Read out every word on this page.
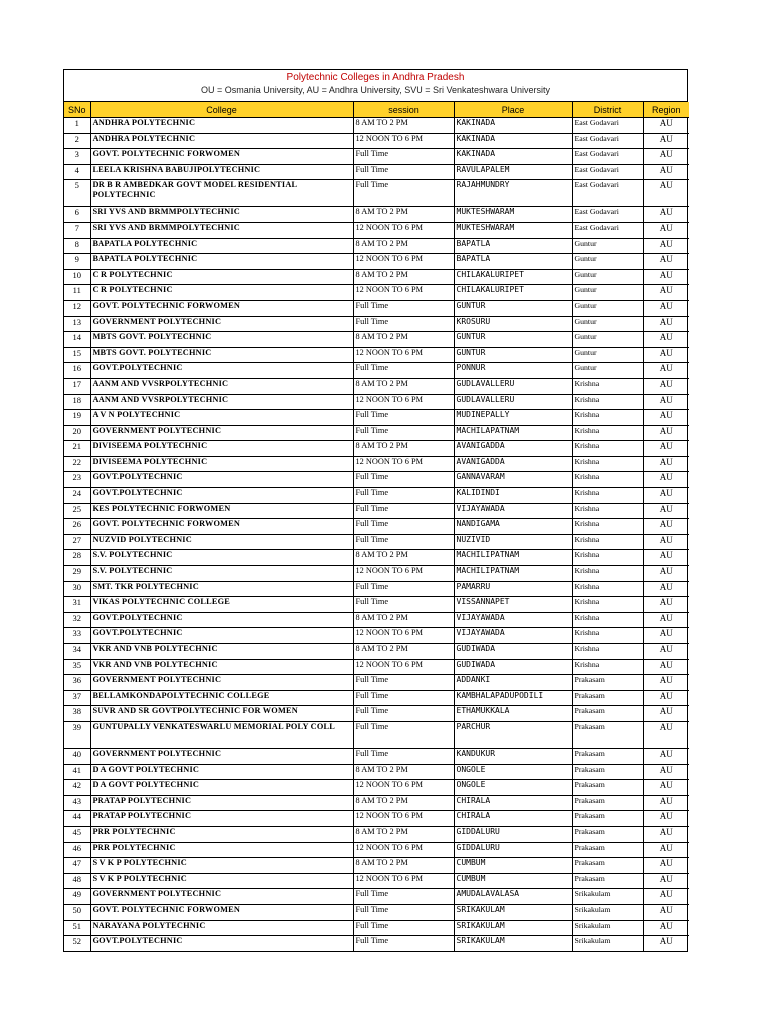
Polytechnic Colleges in Andhra Pradesh
OU = Osmania University, AU = Andhra University, SVU = Sri Venkateshwara University
SNo	College	session	Place	District	Region
1	ANDHRA POLYTECHNIC	8 AM TO 2 PM	KAKINADA	East Godavari	AU
2	ANDHRA POLYTECHNIC	12 NOON TO 6 PM	KAKINADA	East Godavari	AU
3	GOVT. POLYTECHNIC FORWOMEN	Full Time	KAKINADA	East Godavari	AU
4	LEELA KRISHNA BABUJIPOLYTECHNIC	Full Time	RAVULAPALEM	East Godavari	AU
5	DR B R AMBEDKAR GOVT MODEL RESIDENTIAL POLYTECHNIC	Full Time	RAJAHMUNDRY	East Godavari	AU
6	SRI YVS AND BRMMPOLYTECHNIC	8 AM TO 2 PM	MUKTESHWARAM	East Godavari	AU
7	SRI YVS AND BRMMPOLYTECHNIC	12 NOON TO 6 PM	MUKTESHWARAM	East Godavari	AU
8	BAPATLA POLYTECHNIC	8 AM TO 2 PM	BAPATLA	Guntur	AU
9	BAPATLA POLYTECHNIC	12 NOON TO 6 PM	BAPATLA	Guntur	AU
10	C R POLYTECHNIC	8 AM TO 2 PM	CHILAKALURIPET	Guntur	AU
11	C R POLYTECHNIC	12 NOON TO 6 PM	CHILAKALURIPET	Guntur	AU
12	GOVT. POLYTECHNIC FORWOMEN	Full Time	GUNTUR	Guntur	AU
13	GOVERNMENT POLYTECHNIC	Full Time	KROSURU	Guntur	AU
14	MBTS GOVT. POLYTECHNIC	8 AM TO 2 PM	GUNTUR	Guntur	AU
15	MBTS GOVT. POLYTECHNIC	12 NOON TO 6 PM	GUNTUR	Guntur	AU
16	GOVT.POLYTECHNIC	Full Time	PONNUR	Guntur	AU
17	AANM AND VVSRPOLYTECHNIC	8 AM TO 2 PM	GUDLAVALLERU	Krishna	AU
18	AANM AND VVSRPOLYTECHNIC	12 NOON TO 6 PM	GUDLAVALLERU	Krishna	AU
19	A V N POLYTECHNIC	Full Time	MUDINEPALLY	Krishna	AU
20	GOVERNMENT POLYTECHNIC	Full Time	MACHILAPATNAM	Krishna	AU
21	DIVISEEMA POLYTECHNIC	8 AM TO 2 PM	AVANIGADDA	Krishna	AU
22	DIVISEEMA POLYTECHNIC	12 NOON TO 6 PM	AVANIGADDA	Krishna	AU
23	GOVT.POLYTECHNIC	Full Time	GANNAVARAM	Krishna	AU
24	GOVT.POLYTECHNIC	Full Time	KALIDINDI	Krishna	AU
25	KES POLYTECHNIC FORWOMEN	Full Time	VIJAYAWADA	Krishna	AU
26	GOVT. POLYTECHNIC FORWOMEN	Full Time	NANDIGAMA	Krishna	AU
27	NUZVID POLYTECHNIC	Full Time	NUZIVID	Krishna	AU
28	S.V. POLYTECHNIC	8 AM TO 2 PM	MACHILIPATNAM	Krishna	AU
29	S.V. POLYTECHNIC	12 NOON TO 6 PM	MACHILIPATNAM	Krishna	AU
30	SMT. TKR POLYTECHNIC	Full Time	PAMARRU	Krishna	AU
31	VIKAS POLYTECHNIC COLLEGE	Full Time	VISSANNAPET	Krishna	AU
32	GOVT.POLYTECHNIC	8 AM TO 2 PM	VIJAYAWADA	Krishna	AU
33	GOVT.POLYTECHNIC	12 NOON TO 6 PM	VIJAYAWADA	Krishna	AU
34	VKR AND VNB POLYTECHNIC	8 AM TO 2 PM	GUDIWADA	Krishna	AU
35	VKR AND VNB POLYTECHNIC	12 NOON TO 6 PM	GUDIWADA	Krishna	AU
36	GOVERNMENT POLYTECHNIC	Full Time	ADDANKI	Prakasam	AU
37	BELLAMKONDAPOLYTECHNIC COLLEGE	Full Time	KAMBHALAPADUPODILI	Prakasam	AU
38	SUVR AND SR GOVTPOLYTECHNIC FOR WOMEN	Full Time	ETHAMUKKALA	Prakasam	AU
39	GUNTUPALLY VENKATESWARLU MEMORIAL POLY COLL	Full Time	PARCHUR	Prakasam	AU
40	GOVERNMENT POLYTECHNIC	Full Time	KANDUKUR	Prakasam	AU
41	D A GOVT POLYTECHNIC	8 AM TO 2 PM	ONGOLE	Prakasam	AU
42	D A GOVT POLYTECHNIC	12 NOON TO 6 PM	ONGOLE	Prakasam	AU
43	PRATAP POLYTECHNIC	8 AM TO 2 PM	CHIRALA	Prakasam	AU
44	PRATAP POLYTECHNIC	12 NOON TO 6 PM	CHIRALA	Prakasam	AU
45	PRR POLYTECHNIC	8 AM TO 2 PM	GIDDALURU	Prakasam	AU
46	PRR POLYTECHNIC	12 NOON TO 6 PM	GIDDALURU	Prakasam	AU
47	S V K P POLYTECHNIC	8 AM TO 2 PM	CUMBUM	Prakasam	AU
48	S V K P POLYTECHNIC	12 NOON TO 6 PM	CUMBUM	Prakasam	AU
49	GOVERNMENT POLYTECHNIC	Full Time	AMUDALAVALASA	Srikakulam	AU
50	GOVT. POLYTECHNIC FORWOMEN	Full Time	SRIKAKULAM	Srikakulam	AU
51	NARAYANA POLYTECHNIC	Full Time	SRIKAKULAM	Srikakulam	AU
52	GOVT.POLYTECHNIC	Full Time	SRIKAKULAM	Srikakulam	AU
